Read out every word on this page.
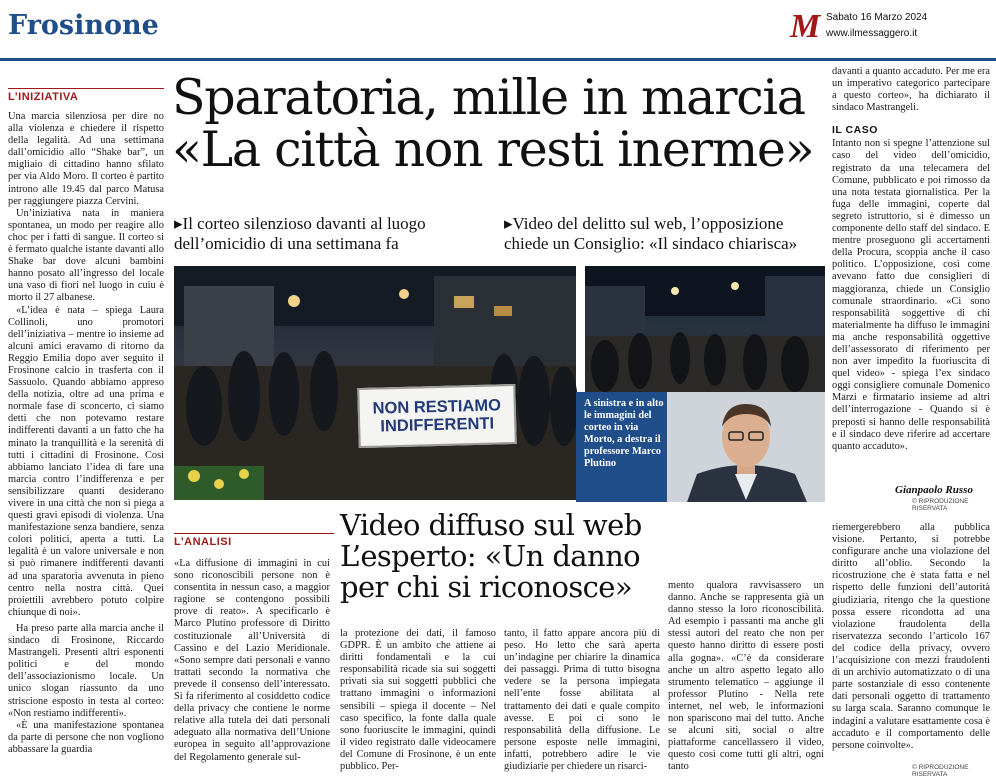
Frosinone	M Sabato 16 Marzo 2024
www.ilmessaggero.it
L’INIZIATIVA

Una marcia silenziosa per dire no alla violenza e chiedere il rispetto della legalità. Ad una settimana dall’omicidio allo “Shake bar”, un migliaio di cittadino hanno sfilato per via Aldo Moro. Il corteo è partito introno alle 19.45 dal parco Matusa per raggiungere piazza Cervini.

Un’iniziativa nata in maniera spontanea, un modo per reagire allo choc per i fatti di sangue. Il corteo si è fermato qualche istante davanti allo Shake bar dove alcuni bambini hanno posato all’ingresso del locale una vaso di fiori nel luogo in cuiu è morto il 27 albanese.

«L’idea è nata – spiega Laura Collinoli, uno promotori dell’iniziativa – mentre io insieme ad alcuni amici eravamo di ritorno da Reggio Emilia dopo aver seguito il Frosinone calcio in trasferta con il Sassuolo. Quando abbiamo appreso della notizia, oltre ad una prima e normale fase di sconcerto, ci siamo detti che non potevamo restare indifferenti davanti a un fatto che ha minato la tranquillità e la serenità di tutti i cittadini di Frosinone. Così abbiamo lanciato l’idea di fare una marcia contro l’indifferenza e per sensibilizzare quanti desiderano vivere in una città che non si piega a questi gravi episodi di violenza. Una manifestazione senza bandiere, senza colori politici, aperta a tutti. La legalità è un valore universale e non si può rimanere indifferenti davanti ad una sparatoria avvenuta in pieno centro nella nostra città. Quei proiettili avrebbero potuto colpire chiunque di noi».

Ha preso parte alla marcia anche il sindaco di Frosinone, Riccardo Mastrangeli. Presenti altri esponenti politici e del mondo dell’associazionismo locale. Un unico slogan riassunto da uno striscione esposto in testa al corteo: «Non restiamo indifferenti».

«È una manifestazione spontanea da parte di persone che non vogliono abbassare la guardia

Sparatoria, mille in marcia
«La città non resti inerme»
▸Il corteo silenzioso davanti al luogo dell’omicidio di una settimana fa
▸Video del delitto sul web, l’opposizione chiede un Consiglio: «Il sindaco chiarisca»
NON RESTIAMO
INDIFFERENTI
A sinistra e in alto le immagini del corteo in via Morto, a destra il professore Marco Plutino
davanti a quanto accaduto. Per me era un imperativo categorico partecipare a questo corteo», ha dichiarato il sindaco Mastrangeli.
IL CASO
Intanto non si spegne l’attenzione sul caso del video dell’omicidio, registrato da una telecamera del Comune, pubblicato e poi rimosso da una nota testata giornalistica. Per la fuga delle immagini, coperte dal segreto istruttorio, si è dimesso un componente dello staff del sindaco. E mentre proseguono gli accertamenti della Procura, scoppia anche il caso politico. L’opposizione, così come avevano fatto due consiglieri di maggioranza, chiede un Consiglio comunale straordinario. «Ci sono responsabilità soggettive di chi materialmente ha diffuso le immagini ma anche responsabilità oggettive dell’assessorato di riferimento per non aver impedito la fuoriuscita di quel video» - spiega l’ex sindaco oggi consigliere comunale Domenico Marzi e firmatario insieme ad altri dell’interrogazione - Quando si è preposti si hanno delle responsabilità e il sindaco deve riferire ad accertare quanto accaduto».
Gianpaolo Russo
© RIPRODUZIONE RISERVATA
L’ANALISI	Video diffuso sul web
L’esperto: «Un danno
per chi si riconosce»
«La diffusione di immagini in cui sono riconoscibili persone non è consentita in nessun caso, a maggior ragione se contengono possibili prove di reato». A specificarlo è Marco Plutino professore di Diritto costituzionale all’Università di Cassino e del Lazio Meridionale. «Sono sempre dati personali e vanno trattati secondo la normativa che prevede il consenso dell’interessato. Si fa riferimento al cosiddetto codice della privacy che contiene le norme relative alla tutela dei dati personali adeguato alla normativa dell’Unione europea in seguito all’approvazione del Regolamento generale sul-
la protezione dei dati, il famoso GDPR. È un ambito che attiene ai diritti fondamentali e la cui responsabilità ricade sia sui soggetti privati sia sui soggetti pubblici che trattano immagini o informazioni sensibili – spiega il docente – Nel caso specifico, la fonte dalla quale sono fuoriuscite le immagini, quindi il video registrato dalle videocamere del Comune di Frosinone, è un ente pubblico. Per-
tanto, il fatto appare ancora più di peso. Ho letto che sarà aperta un’indagine per chiarire la dinamica dei passaggi. Prima di tutto bisogna vedere se la persona impiegata nell’ente fosse abilitata al trattamento dei dati e quale compito avesse. E poi ci sono le responsabilità della diffusione. Le persone esposte nelle immagini, infatti, potrebbero adire le vie giudiziarie per chiedere un risarci-
mento qualora ravvisassero un danno. Anche se rappresenta già un danno stesso la loro riconoscibilità. Ad esempio i passanti ma anche gli stessi autori del reato che non per questo hanno diritto di essere posti alla gogna». «C’è da considerare anche un altro aspetto legato allo strumento telematico – aggiunge il professor Plutino - Nella rete internet, nel web, le informazioni non spariscono mai del tutto. Anche se alcuni siti, social o altre piattaforme cancellassero il video, questo così come tutti gli altri, ogni tanto
riemergerebbero alla pubblica visione. Pertanto, si potrebbe configurare anche una violazione del diritto all’oblio. Secondo la ricostruzione che è stata fatta e nel rispetto delle funzioni dell’autorità giudiziaria, ritengo che la questione possa essere ricondotta ad una violazione fraudolenta della riservatezza secondo l’articolo 167 del codice della privacy, ovvero l’acquisizione con mezzi fraudolenti di un archivio automatizzato o di una parte sostanziale di esso contenente dati personali oggetto di trattamento su larga scala. Saranno comunque le indagini a valutare esattamente cosa è accaduto e il comportamento delle persone coinvolte».
© RIPRODUZIONE RISERVATA
